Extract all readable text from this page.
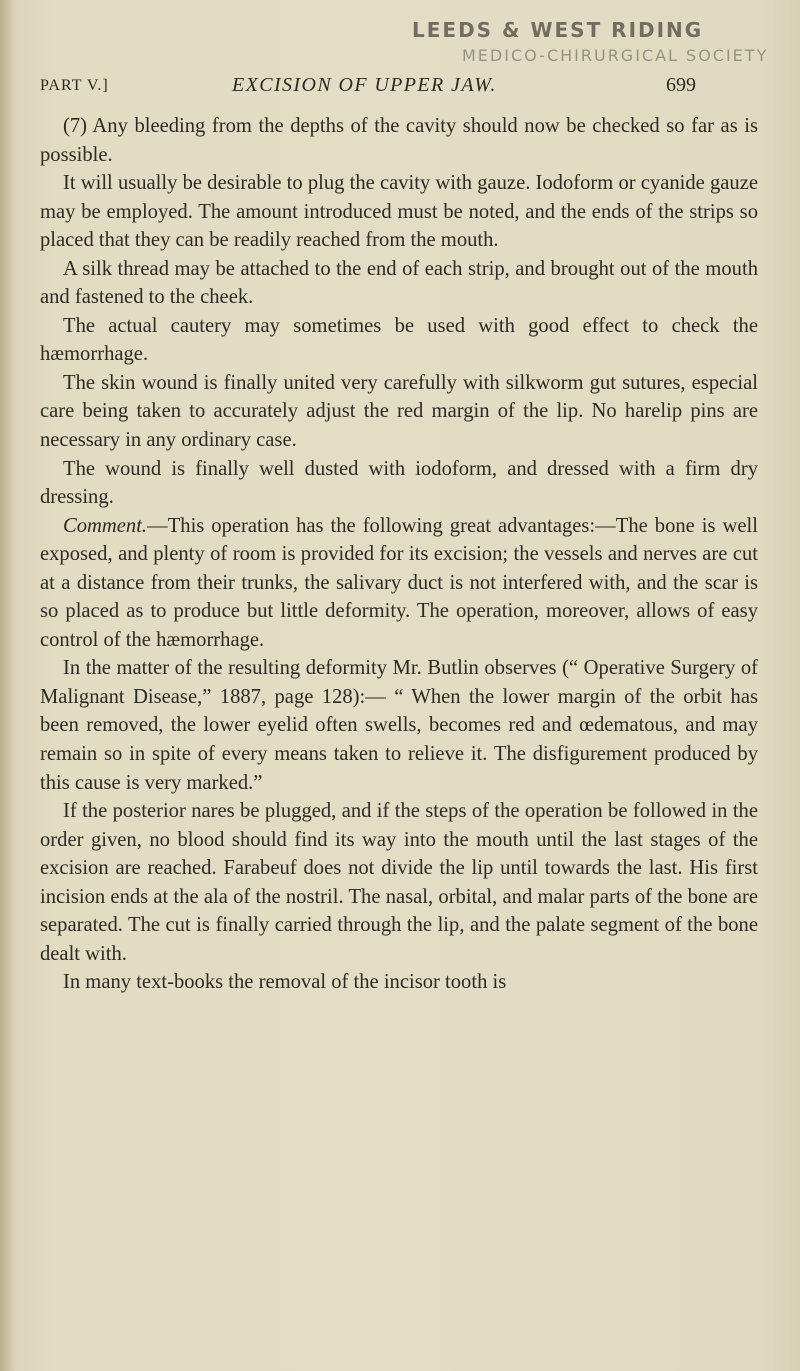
LEEDS & WEST RIDING
MEDICO-CHIRURGICAL SOCIETY
PART V.]	EXCISION OF UPPER JAW.	699

(7) Any bleeding from the depths of the cavity should now be checked so far as is possible.

It will usually be desirable to plug the cavity with gauze. Iodoform or cyanide gauze may be employed. The amount introduced must be noted, and the ends of the strips so placed that they can be readily reached from the mouth.

A silk thread may be attached to the end of each strip, and brought out of the mouth and fastened to the cheek.

The actual cautery may sometimes be used with good effect to check the hæmorrhage.

The skin wound is finally united very carefully with silkworm gut sutures, especial care being taken to accurately adjust the red margin of the lip. No harelip pins are necessary in any ordinary case.

The wound is finally well dusted with iodoform, and dressed with a firm dry dressing.

Comment.—This operation has the following great advantages:—The bone is well exposed, and plenty of room is provided for its excision; the vessels and nerves are cut at a distance from their trunks, the salivary duct is not interfered with, and the scar is so placed as to produce but little deformity. The operation, moreover, allows of easy control of the hæmorrhage.

In the matter of the resulting deformity Mr. Butlin observes (“ Operative Surgery of Malignant Disease,” 1887, page 128):— “ When the lower margin of the orbit has been removed, the lower eyelid often swells, becomes red and œdematous, and may remain so in spite of every means taken to relieve it. The disfigurement produced by this cause is very marked.”

If the posterior nares be plugged, and if the steps of the operation be followed in the order given, no blood should find its way into the mouth until the last stages of the excision are reached. Farabeuf does not divide the lip until towards the last. His first incision ends at the ala of the nostril. The nasal, orbital, and malar parts of the bone are separated. The cut is finally carried through the lip, and the palate segment of the bone dealt with.

In many text-books the removal of the incisor tooth is
